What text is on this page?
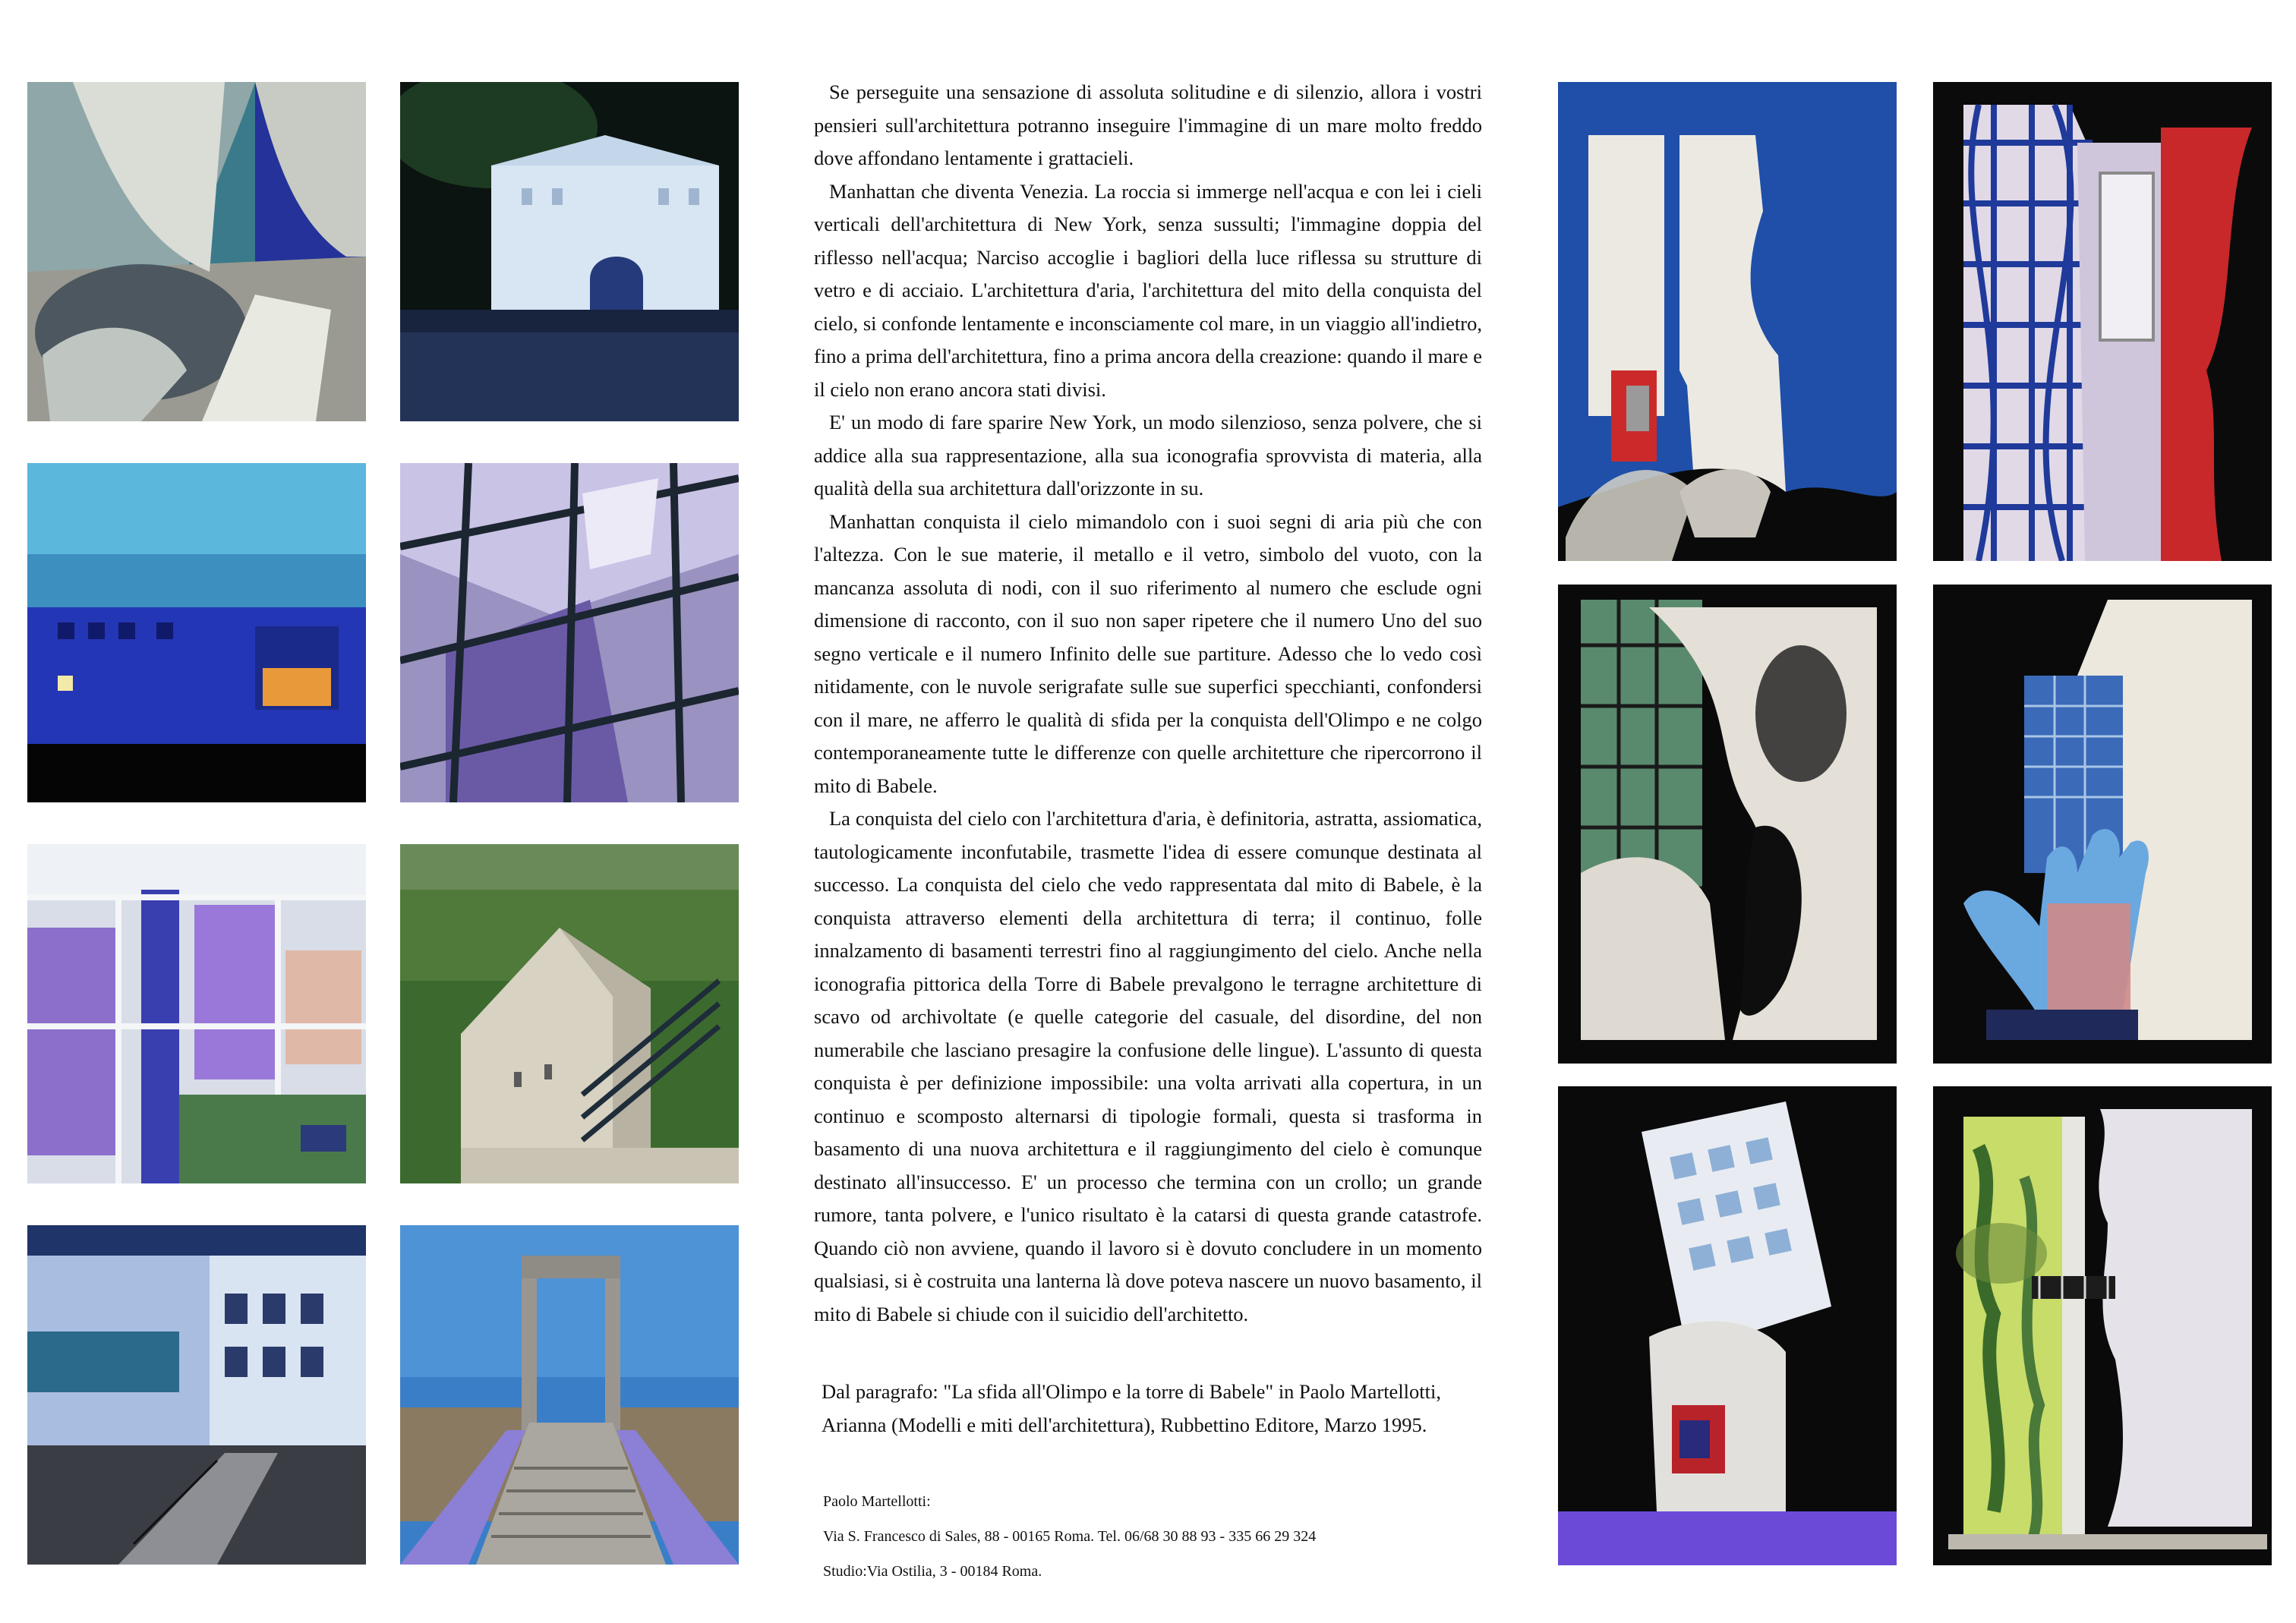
Se perseguite una sensazione di assoluta solitudine e di silenzio, allora i vostri pensieri sull'architettura potranno inseguire l'immagine di un mare molto freddo dove affondano lentamente i grattacieli.

Manhattan che diventa Venezia. La roccia si immerge nell'acqua e con lei i cieli verticali dell'architettura di New York, senza sussulti; l'immagine doppia del riflesso nell'acqua; Narciso accoglie i bagliori della luce riflessa su strutture di vetro e di acciaio. L'architettura d'aria, l'architettura del mito della conquista del cielo, si confonde lentamente e inconsciamente col mare, in un viaggio all'indietro, fino a prima dell'architettura, fino a prima ancora della creazione: quando il mare e il cielo non erano ancora stati divisi.

E' un modo di fare sparire New York, un modo silenzioso, senza polvere, che si addice alla sua rappresentazione, alla sua iconografia sprovvista di materia, alla qualità della sua architettura dall'orizzonte in su.

Manhattan conquista il cielo mimandolo con i suoi segni di aria più che con l'altezza. Con le sue materie, il metallo e il vetro, simbolo del vuoto, con la mancanza assoluta di nodi, con il suo riferimento al numero che esclude ogni dimensione di racconto, con il suo non saper ripetere che il numero Uno del suo segno verticale e il numero Infinito delle sue partiture. Adesso che lo vedo così nitidamente, con le nuvole serigrafate sulle sue superfici specchianti, confondersi con il mare, ne afferro le qualità di sfida per la conquista dell'Olimpo e ne colgo contemporaneamente tutte le differenze con quelle architetture che ripercorrono il mito di Babele.

La conquista del cielo con l'architettura d'aria, è definitoria, astratta, assiomatica, tautologicamente inconfutabile, trasmette l'idea di essere comunque destinata al successo. La conquista del cielo che vedo rappresentata dal mito di Babele, è la conquista attraverso elementi della architettura di terra; il continuo, folle innalzamento di basamenti terrestri fino al raggiungimento del cielo. Anche nella iconografia pittorica della Torre di Babele prevalgono le terragne architetture di scavo od archivoltate (e quelle categorie del casuale, del disordine, del non numerabile che lasciano presagire la confusione delle lingue). L'assunto di questa conquista è per definizione impossibile: una volta arrivati alla copertura, in un continuo e scomposto alternarsi di tipologie formali, questa si trasforma in basamento di una nuova architettura e il raggiungimento del cielo è comunque destinato all'insuccesso. E' un processo che termina con un crollo; un grande rumore, tanta polvere, e l'unico risultato è la catarsi di questa grande catastrofe. Quando ciò non avviene, quando il lavoro si è dovuto concludere in un momento qualsiasi, si è costruita una lanterna là dove poteva nascere un nuovo basamento, il mito di Babele si chiude con il suicidio dell'architetto.

Dal paragrafo: "La sfida all'Olimpo e la torre di Babele" in Paolo Martellotti, Arianna (Modelli e miti dell'architettura), Rubbettino Editore, Marzo 1995.

Paolo Martellotti:
Via S. Francesco di Sales, 88 - 00165 Roma. Tel. 06/68 30 88 93 - 335 66 29 324
Studio:Via Ostilia, 3 - 00184 Roma.
